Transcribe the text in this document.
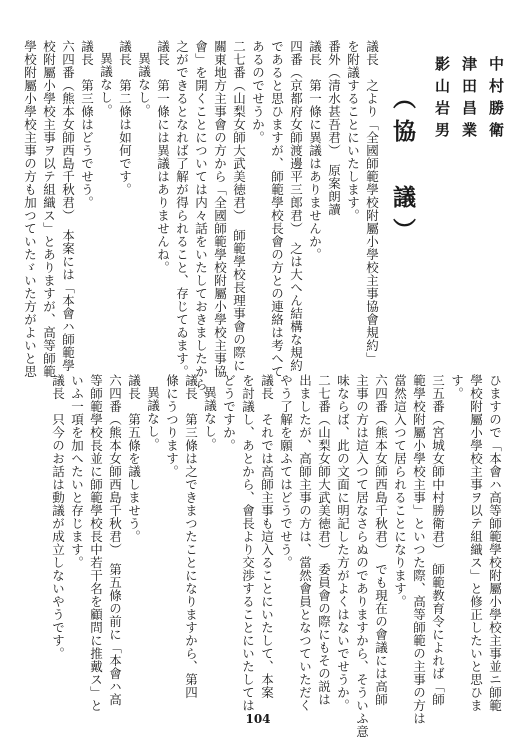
（協　議）	中村勝衛
津田昌業
影山岩男
議長　之より「全國師範學校附屬小學校主事協會規約」
を附議することにいたします。
番外（清水甚吾君）　原案朗讀
議長　第一條に異議はありませんか。
四番（京都府女師渡邊平三郎君）　之は大へん結構な規約
であると思ひますが、師範學校長會の方との連絡は考へて
あるのでせうか。
二七番（山梨女師大武美徳君）　師範學校長理事會の際に
關東地方主事會の方から「全國師範學校附屬小學校主事協
會」を開くことについては内々話をいたしておきましたから、
之ができるとなれば了解が得られること、存じてゐます。
議長　第一條には異議はありませんね。
異議なし。
議長　第二條は如何です。
異議なし。
議長　第三條はどうでせう。
六四番（熊本女師西島千秋君）　本案には「本會ハ師範學
校附屬小學校主事ヲ以テ組織ス」とありますが、高等師範
學校附屬小學校主事の方も加つていたゞいた方がよいと思
ひますので「本會ハ高等師範學校附屬小學校主事並ニ師範
學校附屬小學校主事ヲ以テ組織ス」と修正したいと思ひま
す。
三五番（宮城女師中村勝衛君）　師範教育令によれば「師
範學校附屬小學校主事」といつた際、高等師範の主事の方は
當然這入つて居られることになります。
六四番（熊本女師西島千秋君）　でも現在の會議には高師
主事の方は這入つて居なさらぬのでありますから、そういふ意
味ならば、此の文面に明記した方がよくはないでせうか。
二七番（山梨女師大武美徳君）　委員會の際にもその説は
出ましたが、高師主事の方は、當然會員となつていただく
やう了解を願ふてはどうでせう。
議長　それでは高師主事も這入ることにいたして、本案
を討議し、あとから、會長より交渉することにいたしては
どうですか。
異議なし。
議長　第三條は之できまつたことになりますから、第四
條にうつります。
異議なし。
議長　第五條を議しませう。
六四番（熊本女師西島千秋君）　第五條の前に「本會ハ高
等師範學校長並に師範學校長中若干名を顧問に推戴ス」と
いふ一項を加へたいと存じます。
議長　只今のお話は動議が成立しないやうです。
104
